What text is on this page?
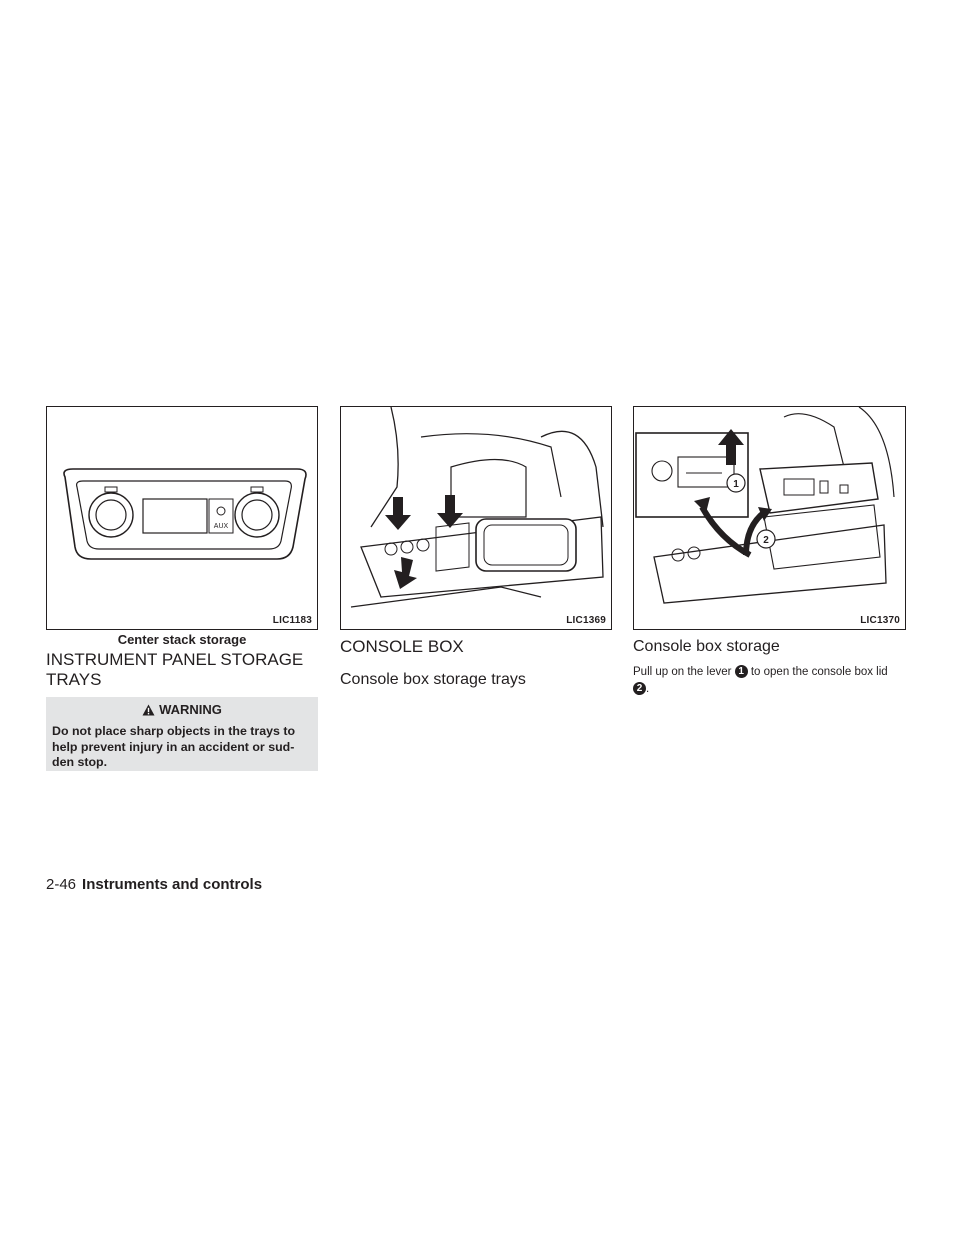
AUX
LIC1183	LIC1369
1
2
LIC1370
Center stack storage
INSTRUMENT PANEL STORAGE TRAYS
WARNING
Do not place sharp objects in the trays to help prevent injury in an accident or sud-den stop.
CONSOLE BOX
Console box storage trays
Console box storage
Pull up on the lever 1 to open the console box lid
2 .
2-46 Instruments and controls
